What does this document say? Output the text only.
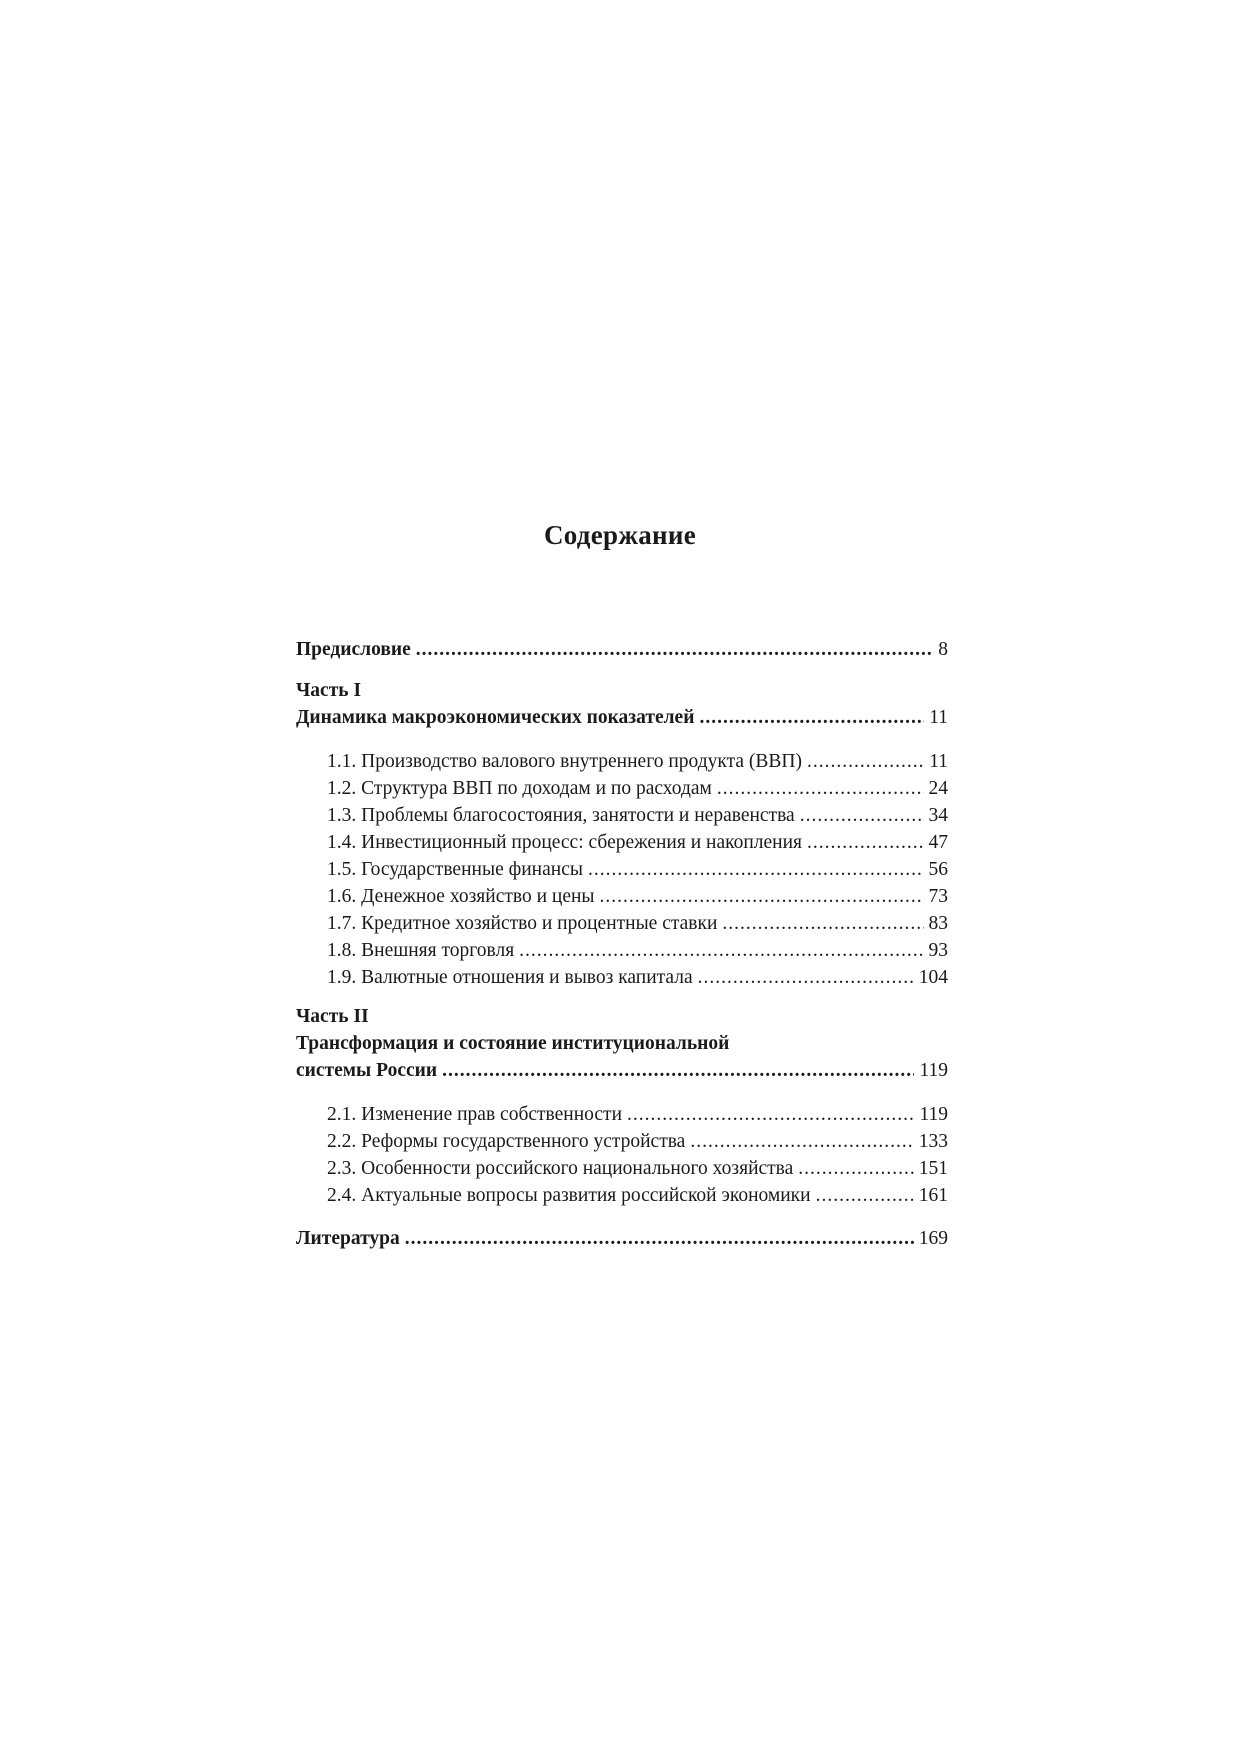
Содержание
Предисловие .....	8
Часть I
Динамика макроэкономических показателей .....	11
1.1. Производство валового внутреннего продукта (ВВП) .....	11
1.2. Структура ВВП по доходам и по расходам .....	24
1.3. Проблемы благосостояния, занятости и неравенства .....	34
1.4. Инвестиционный процесс: сбережения и накопления .....	47
1.5. Государственные финансы .....	56
1.6. Денежное хозяйство и цены .....	73
1.7. Кредитное хозяйство и процентные ставки .....	83
1.8. Внешняя торговля .....	93
1.9. Валютные отношения и вывоз капитала .....	104
Часть II
Трансформация и состояние институциональной
системы России .....	119
2.1. Изменение прав собственности .....	119
2.2. Реформы государственного устройства .....	133
2.3. Особенности российского национального хозяйства .....	151
2.4. Актуальные вопросы развития российской экономики .....	161
Литература .....	169
